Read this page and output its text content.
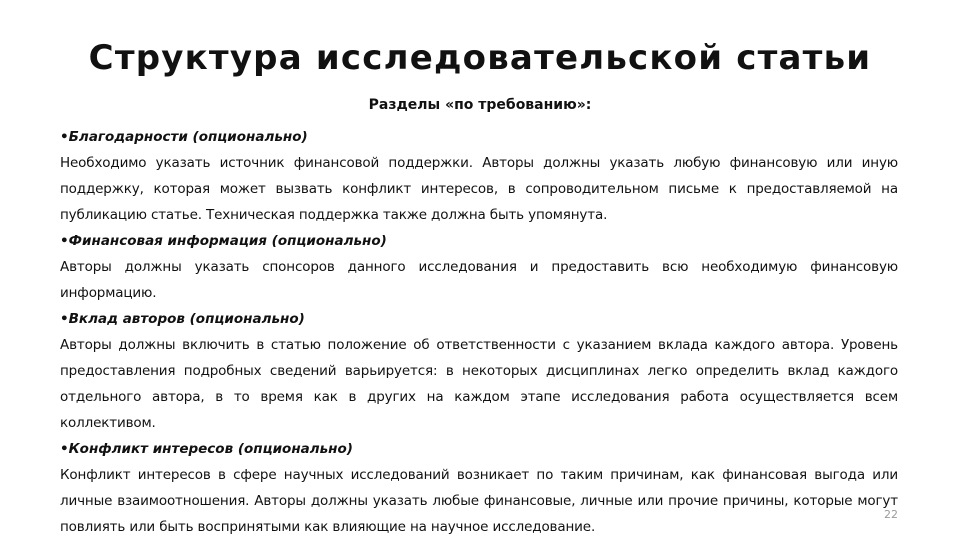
Структура исследовательской статьи
Разделы «по требованию»:
•Благодарности (опционально)
Необходимо указать источник финансовой поддержки. Авторы должны указать любую финансовую или иную поддержку, которая может вызвать конфликт интересов, в сопроводительном письме к предоставляемой на публикацию статье. Техническая поддержка также должна быть упомянута.
•Финансовая информация (опционально)
Авторы должны указать спонсоров данного исследования и предоставить всю необходимую финансовую информацию.
•Вклад авторов (опционально)
Авторы должны включить в статью положение об ответственности с указанием вклада каждого автора. Уровень предоставления подробных сведений варьируется: в некоторых дисциплинах легко определить вклад каждого отдельного автора, в то время как в других на каждом этапе исследования работа осуществляется всем коллективом.
•Конфликт интересов (опционально)
Конфликт интересов в сфере научных исследований возникает по таким причинам, как финансовая выгода или личные взаимоотношения. Авторы должны указать любые финансовые, личные или прочие причины, которые могут повлиять или быть воспринятыми как влияющие на научное исследование.
22
